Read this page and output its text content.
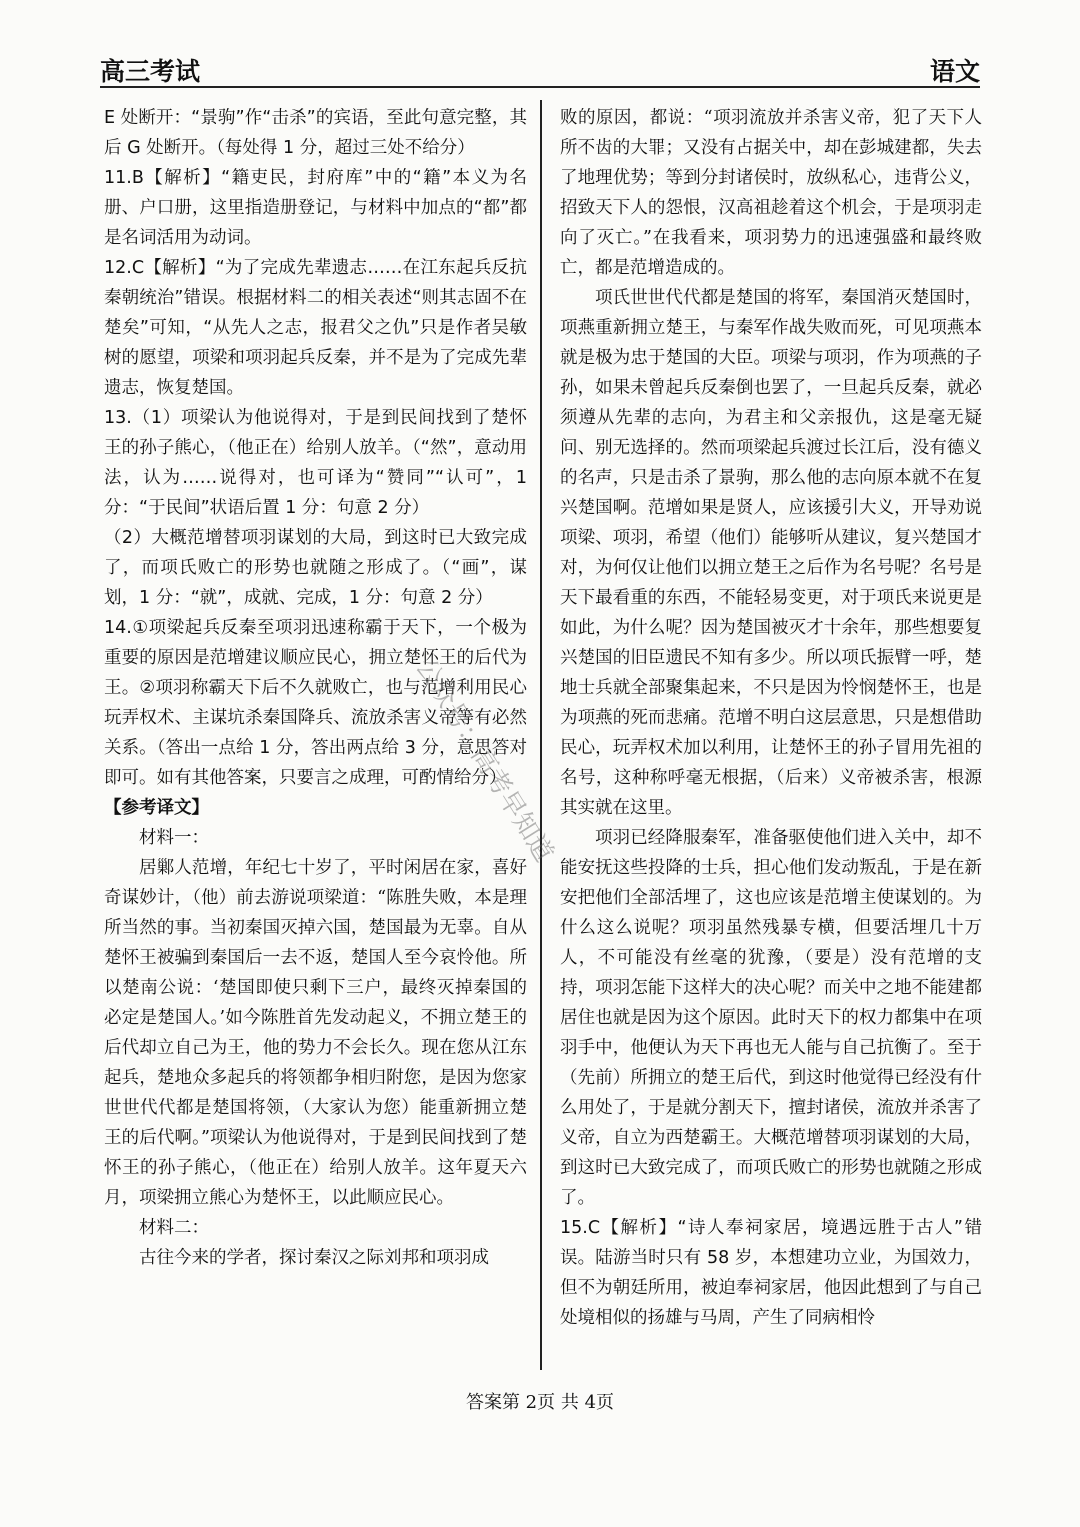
高三考试	语文

E 处断开：“景驹”作“击杀”的宾语，至此句意完整，其后 G 处断开。（每处得 1 分，超过三处不给分）

11.B【解析】“籍吏民，封府库”中的“籍”本义为名册、户口册，这里指造册登记，与材料中加点的“都”都是名词活用为动词。

12.C【解析】“为了完成先辈遗志……在江东起兵反抗秦朝统治”错误。根据材料二的相关表述“则其志固不在楚矣”可知，“从先人之志，报君父之仇”只是作者吴敏树的愿望，项梁和项羽起兵反秦，并不是为了完成先辈遗志，恢复楚国。

13.（1）项梁认为他说得对，于是到民间找到了楚怀王的孙子熊心，（他正在）给别人放羊。（“然”，意动用法，认为……说得对，也可译为“赞同”“认可”，1 分：“于民间”状语后置 1 分：句意 2 分）

（2）大概范增替项羽谋划的大局，到这时已大致完成了，而项氏败亡的形势也就随之形成了。（“画”，谋划，1 分：“就”，成就、完成，1 分：句意 2 分）

14.①项梁起兵反秦至项羽迅速称霸于天下，一个极为重要的原因是范增建议顺应民心，拥立楚怀王的后代为王。②项羽称霸天下后不久就败亡，也与范增利用民心玩弄权术、主谋坑杀秦国降兵、流放杀害义帝等有必然关系。（答出一点给 1 分，答出两点给 3 分，意思答对即可。如有其他答案，只要言之成理，可酌情给分）

【参考译文】

材料一：

居鄛人范增，年纪七十岁了，平时闲居在家，喜好奇谋妙计，（他）前去游说项梁道：“陈胜失败，本是理所当然的事。当初秦国灭掉六国，楚国最为无辜。自从楚怀王被骗到秦国后一去不返，楚国人至今哀怜他。所以楚南公说：‘楚国即使只剩下三户，最终灭掉秦国的必定是楚国人。’如今陈胜首先发动起义，不拥立楚王的后代却立自己为王，他的势力不会长久。现在您从江东起兵，楚地众多起兵的将领都争相归附您，是因为您家世世代代都是楚国将领，（大家认为您）能重新拥立楚王的后代啊。”项梁认为他说得对，于是到民间找到了楚怀王的孙子熊心，（他正在）给别人放羊。这年夏天六月，项梁拥立熊心为楚怀王，以此顺应民心。

材料二：

古往今来的学者，探讨秦汉之际刘邦和项羽成

败的原因，都说：“项羽流放并杀害义帝，犯了天下人所不齿的大罪；又没有占据关中，却在彭城建都，失去了地理优势；等到分封诸侯时，放纵私心，违背公义，招致天下人的怨恨，汉高祖趁着这个机会，于是项羽走向了灭亡。”在我看来，项羽势力的迅速强盛和最终败亡，都是范增造成的。

项氏世世代代都是楚国的将军，秦国消灭楚国时，项燕重新拥立楚王，与秦军作战失败而死，可见项燕本就是极为忠于楚国的大臣。项梁与项羽，作为项燕的子孙，如果未曾起兵反秦倒也罢了，一旦起兵反秦，就必须遵从先辈的志向，为君主和父亲报仇，这是毫无疑问、别无选择的。然而项梁起兵渡过长江后，没有德义的名声，只是击杀了景驹，那么他的志向原本就不在复兴楚国啊。范增如果是贤人，应该援引大义，开导劝说项梁、项羽，希望（他们）能够听从建议，复兴楚国才对，为何仅让他们以拥立楚王之后作为名号呢？名号是天下最看重的东西，不能轻易变更，对于项氏来说更是如此，为什么呢？因为楚国被灭才十余年，那些想要复兴楚国的旧臣遗民不知有多少。所以项氏振臂一呼，楚地士兵就全部聚集起来，不只是因为怜悯楚怀王，也是为项燕的死而悲痛。范增不明白这层意思，只是想借助民心，玩弄权术加以利用，让楚怀王的孙子冒用先祖的名号，这种称呼毫无根据，（后来）义帝被杀害，根源其实就在这里。

项羽已经降服秦军，准备驱使他们进入关中，却不能安抚这些投降的士兵，担心他们发动叛乱，于是在新安把他们全部活埋了，这也应该是范增主使谋划的。为什么这么说呢？项羽虽然残暴专横，但要活埋几十万人，不可能没有丝毫的犹豫，（要是）没有范增的支持，项羽怎能下这样大的决心呢？而关中之地不能建都居住也就是因为这个原因。此时天下的权力都集中在项羽手中，他便认为天下再也无人能与自己抗衡了。至于（先前）所拥立的楚王后代，到这时他觉得已经没有什么用处了，于是就分割天下，擅封诸侯，流放并杀害了义帝，自立为西楚霸王。大概范增替项羽谋划的大局，到这时已大致完成了，而项氏败亡的形势也就随之形成了。

15.C【解析】“诗人奉祠家居，境遇远胜于古人”错误。陆游当时只有 58 岁，本想建功立业，为国效力，但不为朝廷所用，被迫奉祠家居，他因此想到了与自己处境相似的扬雄与马周，产生了同病相怜

答案第 2页 共 4页
公众号：高考早知道
